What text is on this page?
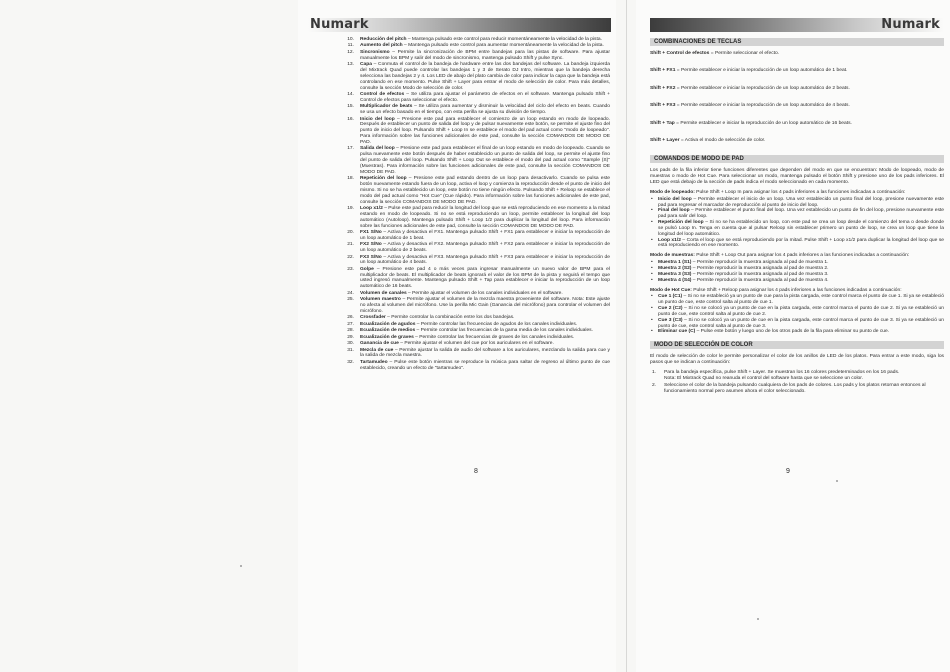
Numark
10. Reducción del pitch – Mantenga pulsado este control para reducir momentáneamente la velocidad de la pista.
11. Aumento del pitch – Mantenga pulsado este control para aumentar momentáneamente la velocidad de la pista.
12. Sincronismo – Permite la sincronización de BPM entre bandejas para las pistas de software. Para ajustar manualmente los BPM y salir del modo de sincronismo, mantenga pulsado Shift y pulse Sync.
13. Capa – Conmuta el control de la bandeja de hardware entre las dos bandejas del software. La bandeja izquierda del Mixtrack Quad puede controlar las bandejas 1 y 3 de Serato DJ Intro, mientras que la bandeja derecha selecciona las bandejas 2 y 4. Los LED de abajo del plato cambia de color para indicar la capa que la bandeja está controlando en ese momento. Pulse Shift + Layer para entrar el modo de selección de color. Para más detalles, consulte la sección Modo de selección de color.
14. Control de efectos – Se utiliza para ajustar el parámetro de efectos en el software. Mantenga pulsado Shift + Control de efectos para seleccionar el efecto.
15. Multiplicador de beats – Se utiliza para aumentar y disminuir la velocidad del ciclo del efecto en beats. Cuando se usa un efecto basado en el tiempo, con esta perilla se ajusta su división de tiempo.
16. Inicio del loop – Presione este pad para establecer el comienzo de un loop estando en modo de loopeado. Después de establecer un punto de salida del loop y de pulsar nuevamente este botón, se permite el ajuste fino del punto de inicio del loop. Pulsando Shift + Loop In se establece el modo del pad actual como "modo de loopeado". Para información sobre las funciones adicionales de este pad, consulte la sección COMANDOS DE MODO DE PAD.
17. Salida del loop – Presione este pad para establecer el final de un loop estando en modo de loopeado. Cuando se pulsa nuevamente este botón después de haber establecido un punto de salida del loop, se permite el ajuste fino del punto de salida del loop. Pulsando Shift + Loop Out se establece el modo del pad actual como "Sample (S)" (Muestras). Para información sobre las funciones adicionales de este pad, consulte la sección COMANDOS DE MODO DE PAD.
18. Repetición del loop – Presione este pad estando dentro de un loop para desactivarlo. Cuando se pulsa este botón nuevamente estando fuera de un loop, activa el loop y comienza la reproducción desde el punto de inicio del mismo. Si no se ha establecido un loop, este botón no tiene ningún efecto. Pulsando Shift + Reloop se establece el modo del pad actual como "Hot Cue" (Cue rápido). Para información sobre las funciones adicionales de este pad, consulte la sección COMANDOS DE MODO DE PAD.
19. Loop x1/2 – Pulse este pad para reducir la longitud del loop que se está reproduciendo en ese momento a la mitad estando en modo de loopeado. Si no se está reproduciendo un loop, permite establecer la longitud del loop automático (Autoloop). Mantenga pulsado Shift + Loop 1/2 para duplicar la longitud del loop. Para información sobre las funciones adicionales de este pad, consulte la sección COMANDOS DE MODO DE PAD.
20. FX1 S/No – Activa y desactiva el FX1. Mantenga pulsado Shift + FX1 para establecer e iniciar la reproducción de un loop automático de 1 beat.
21. FX2 S/No – Activa y desactiva el FX2. Mantenga pulsado Shift + FX2 para establecer e iniciar la reproducción de un loop automático de 2 beats.
22. FX3 S/No – Activa y desactiva el FX3. Mantenga pulsado Shift + FX3 para establecer e iniciar la reproducción de un loop automático de 4 beats.
23. Golpe – Presione este pad 4 o más veces para ingresar manualmente un nuevo valor de BPM para el multiplicador de beats. El multiplicador de beats ignorará el valor de los BPM de la pista y seguirá el tempo que usted ingresó manualmente. Mantenga pulsado Shift + Tap para establecer e iniciar la reproducción de un loop automático de 16 beats.
24. Volumen de canales – Permite ajustar el volumen de los canales individuales en el software.
25. Volumen maestro – Permite ajustar el volumen de la mezcla maestra proveniente del software. Nota: Este ajuste no afecta al volumen del micrófono. Use la perilla Mic Gain (Ganancia del micrófono) para controlar el volumen del micrófono.
26. Crossfader – Permite controlar la combinación entre los dos bandejas.
27. Ecualización de agudos – Permite controlar las frecuencias de agudos de los canales individuales.
28. Ecualización de medios – Permite controlar las frecuencias de la gama media de los canales individuales.
29. Ecualización de graves – Permite controlar las frecuencias de graves de los canales individuales.
30. Ganancia de cue – Permite ajustar el volumen del cue por los auriculares en el software.
31. Mezcla de cue – Permite ajustar la salida de audio del software a los auriculares, mezclando la salida para cue y la salida de mezcla maestra.
32. Tartamudeo – Pulse este botón mientras se reproduce la música para saltar de regreso al último punto de cue establecido, creando un efecto de "tartamudeo".
8
Numark
COMBINACIONES DE TECLAS
Shift + Control de efectos = Permite seleccionar el efecto.
Shift + FX1 = Permite establecer e iniciar la reproducción de un loop automático de 1 beat.
Shift + FX2 = Permite establecer e iniciar la reproducción de un loop automático de 2 beats.
Shift + FX3 = Permite establecer e iniciar la reproducción de un loop automático de 4 beats.
Shift + Tap = Permite establecer e iniciar la reproducción de un loop automático de 16 beats.
Shift + Layer = Activa el modo de selección de color.
COMANDOS DE MODO DE PAD
Los pads de la fila inferior tiene funciones diferentes que dependen del modo en que se encuentran: Modo de loopeado, modo de muestras o modo de Hot Cue. Para seleccionar un modo, mantenga pulsado el botón Shift y presione uno de los pads inferiores. El LED que está debajo de la sección de pads indica el modo seleccionado en cada momento.
Modo de loopeado: Pulse Shift + Loop In para asignar los 4 pads inferiores a las funciones indicadas a continuación:
• Inicio del loop – Permite establecer el inicio de un loop. Una vez establecido un punto final del loop, presione nuevamente este pad para regresar el marcador de reproducción al punto de inicio del loop.
• Final del loop – Permite establecer el punto final del loop. Una vez establecido un punto de fin del loop, presione nuevamente este pad para salir del loop.
• Repetición del loop – Si no se ha establecido un loop, con este pad se crea un loop desde el comienzo del tema o desde donde se pulsó Loop In. Tenga en cuenta que al pulsar Reloop sin establecer primero un punto de loop, se crea un loop que tiene la longitud del loop automático.
• Loop x1/2 – Corta el loop que se está reproduciendo por la mitad. Pulse Shift + Loop x1/2 para duplicar la longitud del loop que se está reproduciendo en ese momento.
Modo de muestras: Pulse Shift + Loop Out para asignar los 4 pads inferiores a las funciones indicadas a continuación:
• Muestra 1 (S1) – Permite reproducir la muestra asignada al pad de muestra 1.
• Muestra 2 (S2) – Permite reproducir la muestra asignada al pad de muestra 2.
• Muestra 3 (S3) – Permite reproducir la muestra asignada al pad de muestra 3.
• Muestra 4 (S4) – Permite reproducir la muestra asignada al pad de muestra 4.
Modo de Hot Cue: Pulse Shift + Reloop para asignar los 4 pads inferiores a las funciones indicadas a continuación:
• Cue 1 (C1) – Si no se estableció ya un punto de cue para la pista cargada, este control marca el punto de cue 1. Si ya se estableció un punto de cue, este control salta al punto de cue 1.
• Cue 2 (C2) – Si no se colocó ya un punto de cue en la pista cargada, este control marca el punto de cue 2. Si ya se estableció un punto de cue, este control salta al punto de cue 2.
• Cue 3 (C3) – Si no se colocó ya un punto de cue en la pista cargada, este control marca el punto de cue 3. Si ya se estableció un punto de cue, este control salta al punto de cue 3.
• Eliminar cue (C) – Pulse este botón y luego uno de los otros pads de la fila para eliminar su punto de cue.
MODO DE SELECCIÓN DE COLOR
El modo de selección de color le permite personalizar el color de los anillos de LED de los platos. Para entrar a este modo, siga los pasos que se indican a continuación:
1. Para la bandeja específica, pulse Shift + Layer. Se muestran los 16 colores predeterminados en los 16 pads.
Nota: El Mixtrack Quad no reanuda el control del software hasta que se seleccione un color.
2. Seleccione el color de la bandeja pulsando cualquiera de los pads de colores. Los pads y los platos retornan entonces al funcionamiento normal pero asumen ahora el color seleccionado.
9
